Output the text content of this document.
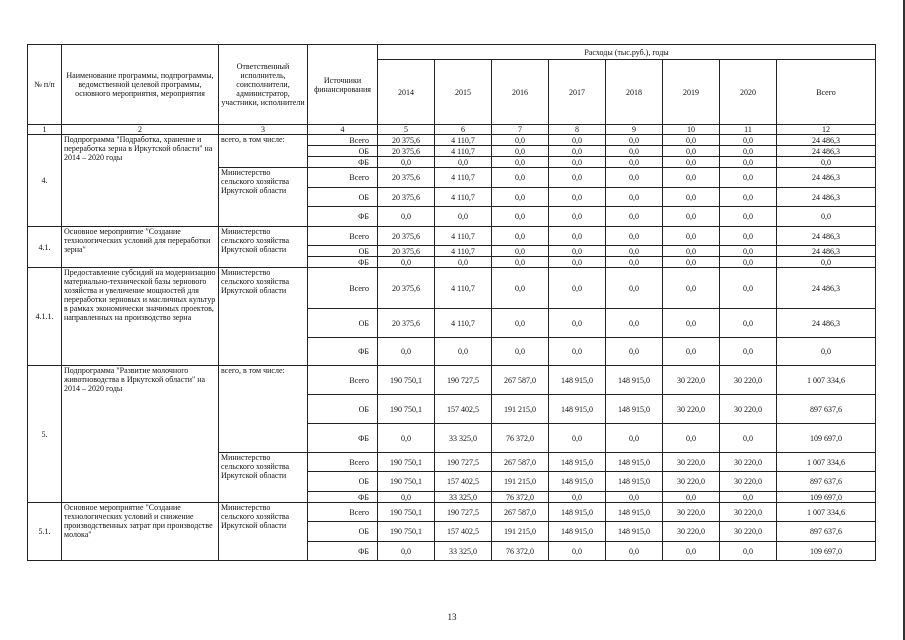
№ п/п	Наименование программы, подпрограммы, ведомственной целевой программы, основного мероприятия, мероприятия	Ответственный исполнитель, соисполнители, администратор, участники, исполнители	Источники финансирования	Расходы (тыс.руб.), годы							
				2014	2015	2016	2017	2018	2019	2020	Всего
1	2	3	4	5	6	7	8	9	10	11	12
4.	Подпрограмма "Подработка, хранение и переработка зерна в Иркутской области" на 2014 – 2020 годы	всего, в том числе:	Всего	20 375,6	4 110,7	0,0	0,0	0,0	0,0	0,0	24 486,3
			ОБ	20 375,6	4 110,7	0,0	0,0	0,0	0,0	0,0	24 486,3
			ФБ	0,0	0,0	0,0	0,0	0,0	0,0	0,0	0,0
		Министерство сельского хозяйства Иркутской области	Всего	20 375,6	4 110,7	0,0	0,0	0,0	0,0	0,0	24 486,3
			ОБ	20 375,6	4 110,7	0,0	0,0	0,0	0,0	0,0	24 486,3
			ФБ	0,0	0,0	0,0	0,0	0,0	0,0	0,0	0,0
4.1.	Основное мероприятие "Создание технологических условий для переработки зерна"	Министерство сельского хозяйства Иркутской области	Всего	20 375,6	4 110,7	0,0	0,0	0,0	0,0	0,0	24 486,3
			ОБ	20 375,6	4 110,7	0,0	0,0	0,0	0,0	0,0	24 486,3
			ФБ	0,0	0,0	0,0	0,0	0,0	0,0	0,0	0,0
4.1.1.	Предоставление субсидий на модернизацию материально-технической базы зернового хозяйства и увеличение мощностей для переработки зерновых и масличных культур в рамках экономически значимых проектов, направленных на производство зерна	Министерство сельского хозяйства Иркутской области	Всего	20 375,6	4 110,7	0,0	0,0	0,0	0,0	0,0	24 486,3
			ОБ	20 375,6	4 110,7	0,0	0,0	0,0	0,0	0,0	24 486,3
			ФБ	0,0	0,0	0,0	0,0	0,0	0,0	0,0	0,0
5.	Подпрограмма "Развитие молочного животноводства в Иркутской области" на 2014 – 2020 годы	всего, в том числе:	Всего	190 750,1	190 727,5	267 587,0	148 915,0	148 915,0	30 220,0	30 220,0	1 007 334,6
			ОБ	190 750,1	157 402,5	191 215,0	148 915,0	148 915,0	30 220,0	30 220,0	897 637,6
			ФБ	0,0	33 325,0	76 372,0	0,0	0,0	0,0	0,0	109 697,0
		Министерство сельского хозяйства Иркутской области	Всего	190 750,1	190 727,5	267 587,0	148 915,0	148 915,0	30 220,0	30 220,0	1 007 334,6
			ОБ	190 750,1	157 402,5	191 215,0	148 915,0	148 915,0	30 220,0	30 220,0	897 637,6
			ФБ	0,0	33 325,0	76 372,0	0,0	0,0	0,0	0,0	109 697,0
5.1.	Основное мероприятие "Создание технологических условий и снижение производственных затрат при производстве молока"	Министерство сельского хозяйства Иркутской области	Всего	190 750,1	190 727,5	267 587,0	148 915,0	148 915,0	30 220,0	30 220,0	1 007 334,6
			ОБ	190 750,1	157 402,5	191 215,0	148 915,0	148 915,0	30 220,0	30 220,0	897 637,6
			ФБ	0,0	33 325,0	76 372,0	0,0	0,0	0,0	0,0	109 697,0
13
